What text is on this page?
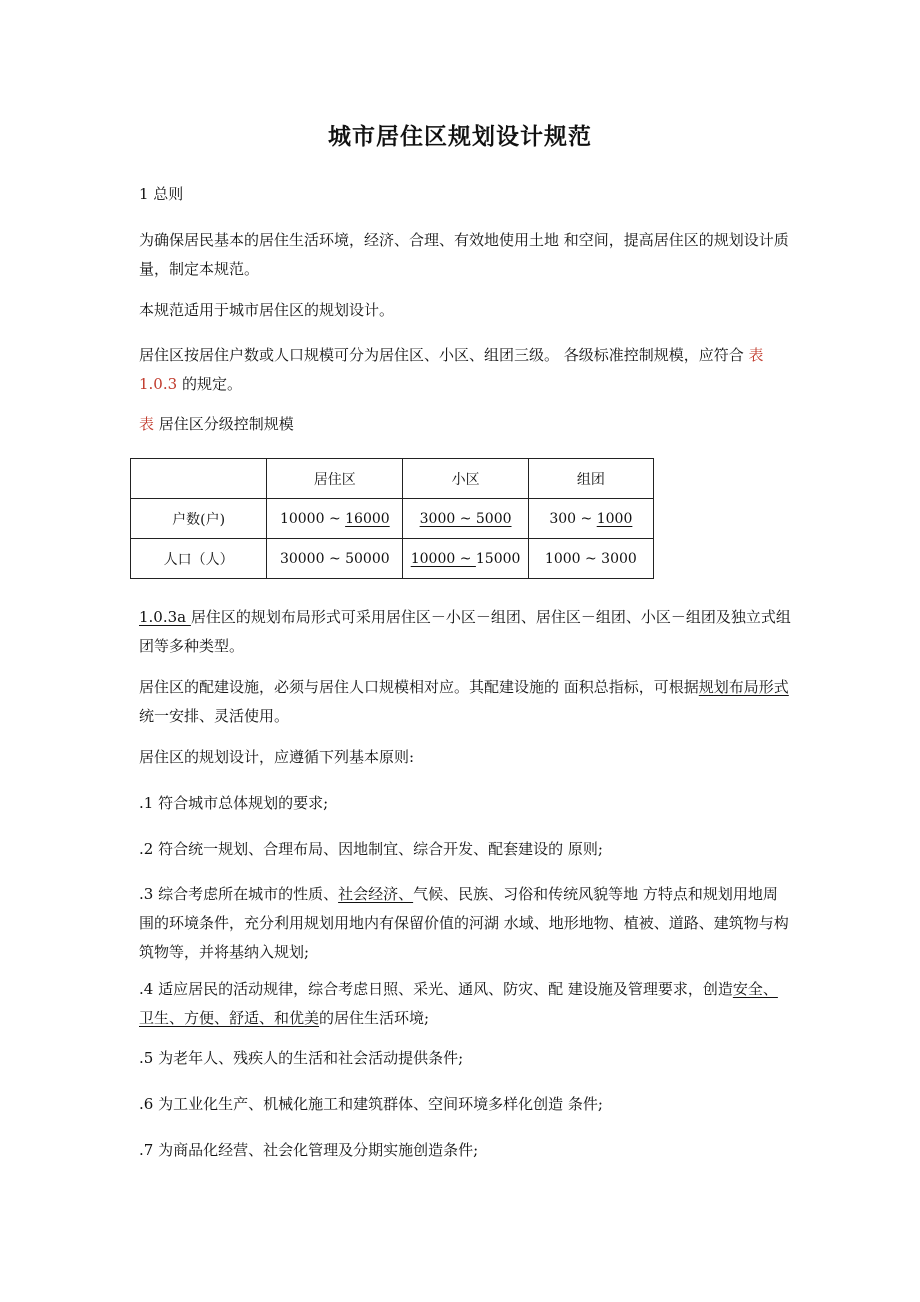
城市居住区规划设计规范

1 总则

为确保居民基本的居住生活环境，经济、合理、有效地使用土地 和空间，提高居住区的规划设计质量，制定本规范。

本规范适用于城市居住区的规划设计。

居住区按居住户数或人口规模可分为居住区、小区、组团三级。 各级标准控制规模，应符合 表 1.0.3 的规定。

表 居住区分级控制规模

	居住区	小区	组团
户数(户)	10000 ~ 16000	3000 ~ 5000	300 ~ 1000
人口（人）	30000 ~ 50000	10000 ~ 15000	1000 ~ 3000

1.0.3a 居住区的规划布局形式可采用居住区－小区－组团、居住区－组团、小区－组团及独立式组团等多种类型。

居住区的配建设施，必须与居住人口规模相对应。其配建设施的 面积总指标，可根据规划布局形式统一安排、灵活使用。

居住区的规划设计，应遵循下列基本原则:

.1 符合城市总体规划的要求;

.2 符合统一规划、合理布局、因地制宜、综合开发、配套建设的 原则;

.3 综合考虑所在城市的性质、社会经济、气候、民族、习俗和传统风貌等地 方特点和规划用地周围的环境条件，充分利用规划用地内有保留价值的河湖 水域、地形地物、植被、道路、建筑物与构筑物等，并将基纳入规划;

.4 适应居民的活动规律，综合考虑日照、采光、通风、防灾、配 建设施及管理要求，创造安全、卫生、方便、舒适、和优美的居住生活环境;

.5 为老年人、残疾人的生活和社会活动提供条件;

.6 为工业化生产、机械化施工和建筑群体、空间环境多样化创造 条件;

.7 为商品化经营、社会化管理及分期实施创造条件;
